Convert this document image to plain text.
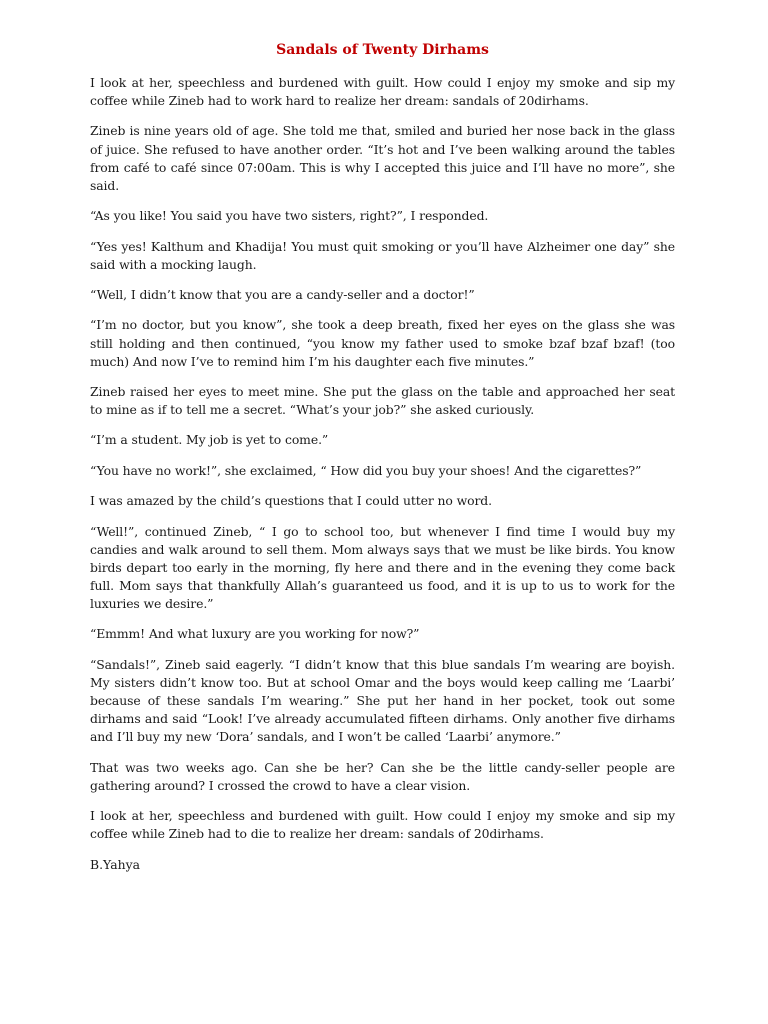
Sandals of Twenty Dirhams

I look at her, speechless and burdened with guilt. How could I enjoy my smoke and sip my coffee while Zineb had to work hard to realize her dream: sandals of 20dirhams.

Zineb is nine years old of age. She told me that, smiled and buried her nose back in the glass of juice. She refused to have another order. “It’s hot and I’ve been walking around the tables from café to café since 07:00am. This is why I accepted this juice and I’ll have no more”, she said.

“As you like! You said you have two sisters, right?”, I responded.

“Yes yes! Kalthum and Khadija! You must quit smoking or you’ll have Alzheimer one day” she said with a mocking laugh.

“Well, I didn’t know that you are a candy-seller and a doctor!”

“I’m no doctor, but you know”, she took a deep breath, fixed her eyes on the glass she was still holding and then continued, “you know my father used to smoke bzaf bzaf bzaf! (too much) And now I’ve to remind him I’m his daughter each five minutes.”

Zineb raised her eyes to meet mine. She put the glass on the table and approached her seat to mine as if to tell me a secret. “What’s your job?” she asked curiously.

“I’m a student. My job is yet to come.”

“You have no work!”, she exclaimed, “ How did you buy your shoes! And the cigarettes?”

I was amazed by the child’s questions that I could utter no word.

“Well!”, continued Zineb, “ I go to school too, but whenever I find time I would buy my candies and walk around to sell them. Mom always says that we must be like birds. You know birds depart too early in the morning, fly here and there and in the evening they come back full. Mom says that thankfully Allah’s guaranteed us food, and it is up to us to work for the luxuries we desire.”

“Emmm! And what luxury are you working for now?”

“Sandals!”, Zineb said eagerly. “I didn’t know that this blue sandals I’m wearing are boyish. My sisters didn’t know too. But at school Omar and the boys would keep calling me ‘Laarbi’ because of these sandals I’m wearing.” She put her hand in her pocket, took out some dirhams and said “Look! I’ve already accumulated fifteen dirhams. Only another five dirhams and I’ll buy my new ‘Dora’ sandals, and I won’t be called ‘Laarbi’ anymore.”

That was two weeks ago. Can she be her? Can she be the little candy-seller people are gathering around? I crossed the crowd to have a clear vision.

I look at her, speechless and burdened with guilt. How could I enjoy my smoke and sip my coffee while Zineb had to die to realize her dream: sandals of 20dirhams.

B.Yahya
